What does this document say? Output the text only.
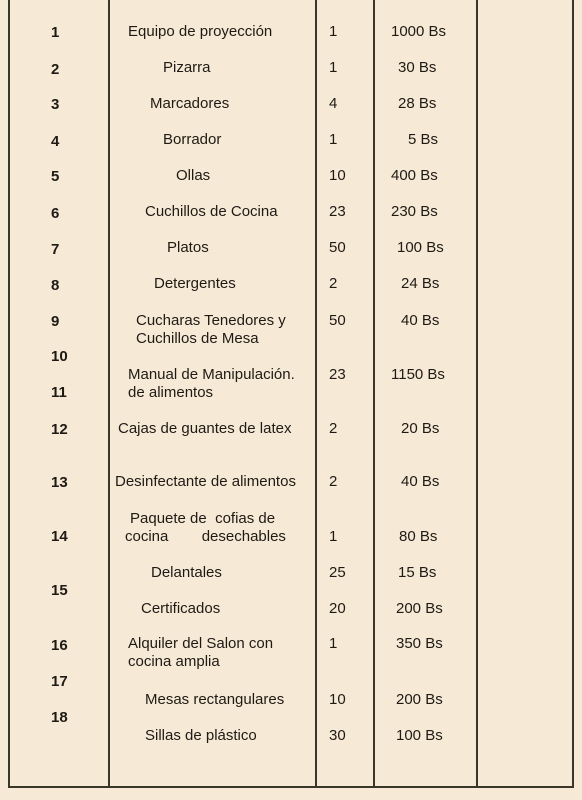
1
2
3
4
5
6
7
8
9
10
11
12
13
14
15
16
17
18
Equipo de proyección
Pizarra
Marcadores
Borrador
Ollas
Cuchillos de Cocina
Platos
Detergentes
Cucharas Tenedores y
Cuchillos de Mesa
Manual de Manipulación.
de alimentos
Cajas de guantes de latex
Desinfectante de alimentos
Paquete de  cofias de
cocina        desechables
Delantales
Certificados
Alquiler del Salon con
cocina amplia
Mesas rectangulares
Sillas de plástico
1
1
4
1
10
23
50
2
50
23
2
2
1
25
20
1
10
30
1000 Bs
30 Bs
28 Bs
5 Bs
400 Bs
230 Bs
100 Bs
24 Bs
40 Bs
1150 Bs
20 Bs
40 Bs
80 Bs
15 Bs
200 Bs
350 Bs
200 Bs
100 Bs
